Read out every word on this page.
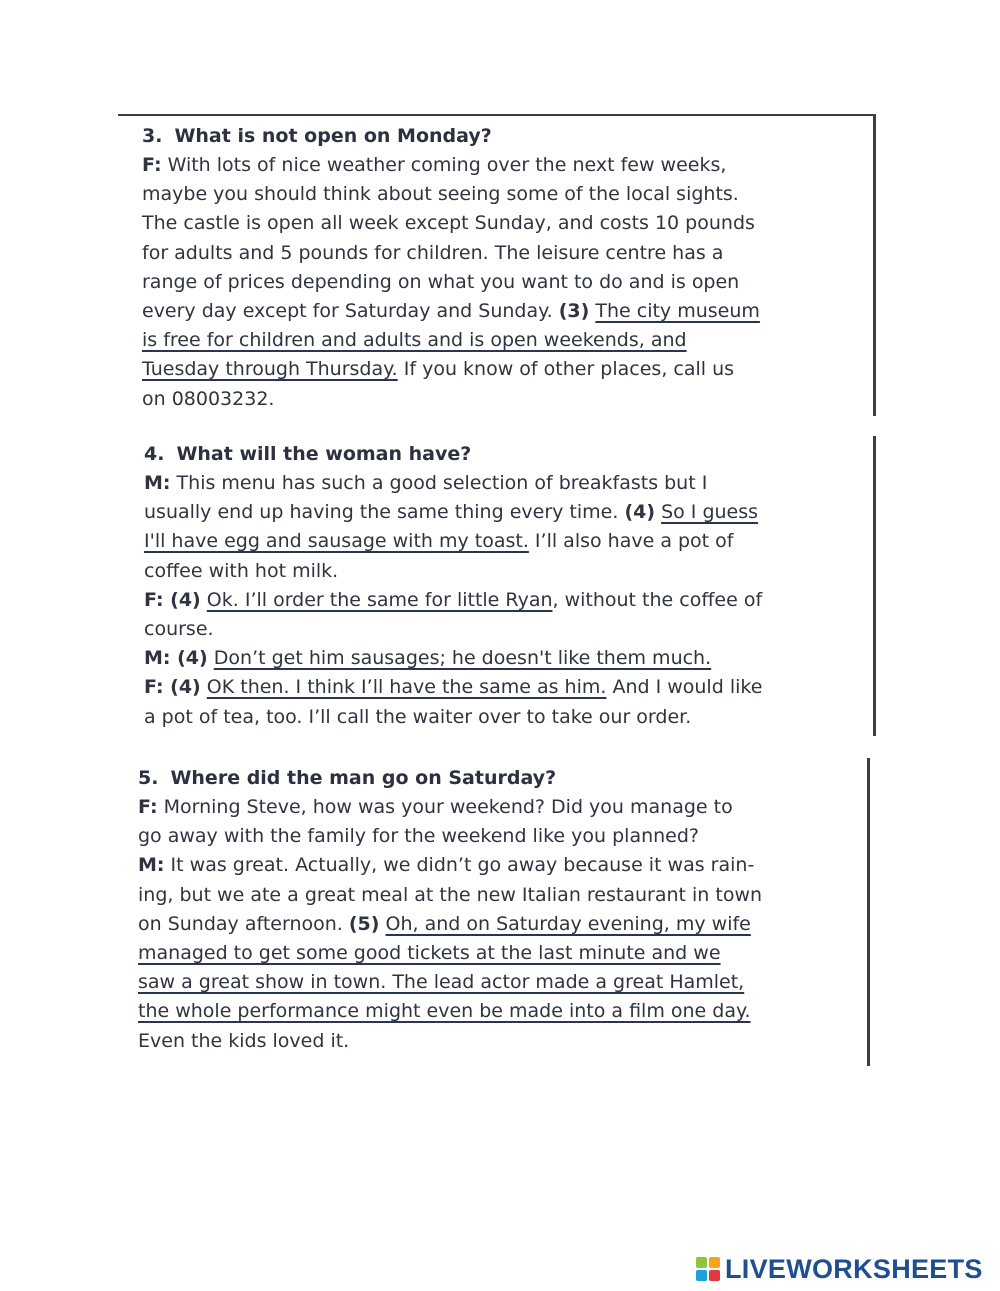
3. What is not open on Monday?

F: With lots of nice weather coming over the next few weeks,

maybe you should think about seeing some of the local sights.

The castle is open all week except Sunday, and costs 10 pounds

for adults and 5 pounds for children. The leisure centre has a

range of prices depending on what you want to do and is open

every day except for Saturday and Sunday. (3) The city museum

is free for children and adults and is open weekends, and

Tuesday through Thursday. If you know of other places, call us

on 08003232.

4. What will the woman have?

M: This menu has such a good selection of breakfasts but I

usually end up having the same thing every time. (4) So I guess

I'll have egg and sausage with my toast. I’ll also have a pot of

coffee with hot milk.

F: (4) Ok. I’ll order the same for little Ryan, without the coffee of

course.

M: (4) Don’t get him sausages; he doesn't like them much.

F: (4) OK then. I think I’ll have the same as him. And I would like

a pot of tea, too. I’ll call the waiter over to take our order.

5. Where did the man go on Saturday?

F: Morning Steve, how was your weekend? Did you manage to

go away with the family for the weekend like you planned?

M: It was great. Actually, we didn’t go away because it was rain-

ing, but we ate a great meal at the new Italian restaurant in town

on Sunday afternoon. (5) Oh, and on Saturday evening, my wife

managed to get some good tickets at the last minute and we

saw a great show in town. The lead actor made a great Hamlet,

the whole performance might even be made into a film one day.

Even the kids loved it.

LIVEWORKSHEETS
